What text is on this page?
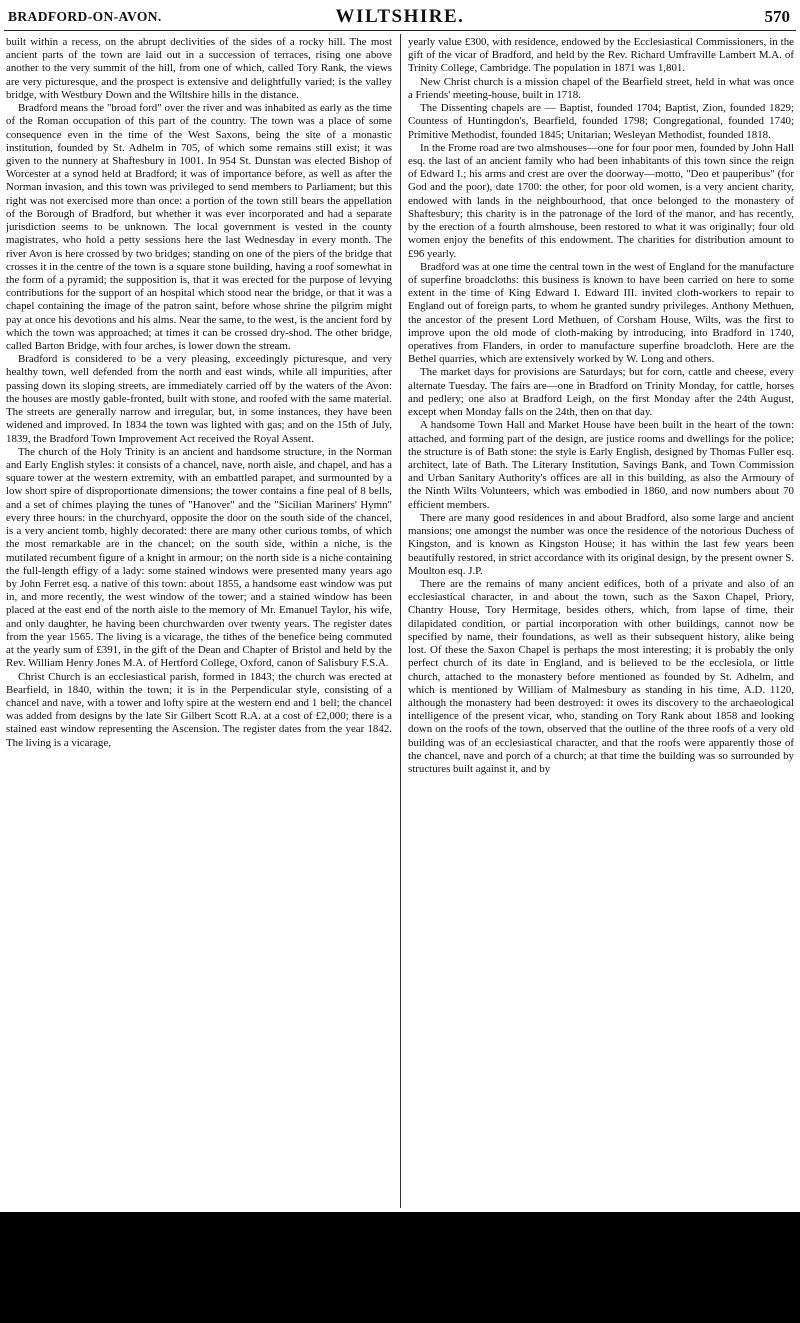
BRADFORD-ON-AVON.	WILTSHIRE.	570

built within a recess, on the abrupt declivities of the sides of a rocky hill. The most ancient parts of the town are laid out in a succession of terraces, rising one above another to the very summit of the hill, from one of which, called Tory Rank, the views are very picturesque, and the prospect is extensive and delightfully varied; is the valley bridge, with Westbury Down and the Wiltshire hills in the distance.

Bradford means the "broad ford" over the river and was inhabited as early as the time of the Roman occupation of this part of the country. The town was a place of some consequence even in the time of the West Saxons, being the site of a monastic institution, founded by St. Adhelm in 705, of which some remains still exist; it was given to the nunnery at Shaftesbury in 1001. In 954 St. Dunstan was elected Bishop of Worcester at a synod held at Bradford; it was of importance before, as well as after the Norman invasion, and this town was privileged to send members to Parliament; but this right was not exercised more than once: a portion of the town still bears the appellation of the Borough of Bradford, but whether it was ever incorporated and had a separate jurisdiction seems to be unknown. The local government is vested in the county magistrates, who hold a petty sessions here the last Wednesday in every month. The river Avon is here crossed by two bridges; standing on one of the piers of the bridge that crosses it in the centre of the town is a square stone building, having a roof somewhat in the form of a pyramid; the supposition is, that it was erected for the purpose of levying contributions for the support of an hospital which stood near the bridge, or that it was a chapel containing the image of the patron saint, before whose shrine the pilgrim might pay at once his devotions and his alms. Near the same, to the west, is the ancient ford by which the town was approached; at times it can be crossed dry-shod. The other bridge, called Barton Bridge, with four arches, is lower down the stream.

Bradford is considered to be a very pleasing, exceedingly picturesque, and very healthy town, well defended from the north and east winds, while all impurities, after passing down its sloping streets, are immediately carried off by the waters of the Avon: the houses are mostly gable-fronted, built with stone, and roofed with the same material. The streets are generally narrow and irregular, but, in some instances, they have been widened and improved. In 1834 the town was lighted with gas; and on the 15th of July, 1839, the Bradford Town Improvement Act received the Royal Assent.

The church of the Holy Trinity is an ancient and handsome structure, in the Norman and Early English styles: it consists of a chancel, nave, north aisle, and chapel, and has a square tower at the western extremity, with an embattled parapet, and surmounted by a low short spire of disproportionate dimensions; the tower contains a fine peal of 8 bells, and a set of chimes playing the tunes of "Hanover" and the "Sicilian Mariners' Hymn" every three hours: in the churchyard, opposite the door on the south side of the chancel, is a very ancient tomb, highly decorated: there are many other curious tombs, of which the most remarkable are in the chancel; on the south side, within a niche, is the mutilated recumbent figure of a knight in armour; on the north side is a niche containing the full-length effigy of a lady: some stained windows were presented many years ago by John Ferret esq. a native of this town: about 1855, a handsome east window was put in, and more recently, the west window of the tower; and a stained window has been placed at the east end of the north aisle to the memory of Mr. Emanuel Taylor, his wife, and only daughter, he having been churchwarden over twenty years. The register dates from the year 1565. The living is a vicarage, the tithes of the benefice being commuted at the yearly sum of £391, in the gift of the Dean and Chapter of Bristol and held by the Rev. William Henry Jones M.A. of Hertford College, Oxford, canon of Salisbury F.S.A.

Christ Church is an ecclesiastical parish, formed in 1843; the church was erected at Bearfield, in 1840, within the town; it is in the Perpendicular style, consisting of a chancel and nave, with a tower and lofty spire at the western end and 1 bell; the chancel was added from designs by the late Sir Gilbert Scott R.A. at a cost of £2,000; there is a stained east window representing the Ascension. The register dates from the year 1842. The living is a vicarage,

yearly value £300, with residence, endowed by the Ecclesiastical Commissioners, in the gift of the vicar of Bradford, and held by the Rev. Richard Umfraville Lambert M.A. of Trinity College, Cambridge. The population in 1871 was 1,801.

New Christ church is a mission chapel of the Bearfield street, held in what was once a Friends' meeting-house, built in 1718.

The Dissenting chapels are — Baptist, founded 1704; Baptist, Zion, founded 1829; Countess of Huntingdon's, Bearfield, founded 1798; Congregational, founded 1740; Primitive Methodist, founded 1845; Unitarian; Wesleyan Methodist, founded 1818.

In the Frome road are two almshouses—one for four poor men, founded by John Hall esq. the last of an ancient family who had been inhabitants of this town since the reign of Edward I.; his arms and crest are over the doorway—motto, "Deo et pauperibus" (for God and the poor), date 1700: the other, for poor old women, is a very ancient charity, endowed with lands in the neighbourhood, that once belonged to the monastery of Shaftesbury; this charity is in the patronage of the lord of the manor, and has recently, by the erection of a fourth almshouse, been restored to what it was originally; four old women enjoy the benefits of this endowment. The charities for distribution amount to £96 yearly.

Bradford was at one time the central town in the west of England for the manufacture of superfine broadcloths: this business is known to have been carried on here to some extent in the time of King Edward I. Edward III. invited cloth-workers to repair to England out of foreign parts, to whom he granted sundry privileges. Anthony Methuen, the ancestor of the present Lord Methuen, of Corsham House, Wilts, was the first to improve upon the old mode of cloth-making by introducing, into Bradford in 1740, operatives from Flanders, in order to manufacture superfine broadcloth. Here are the Bethel quarries, which are extensively worked by W. Long and others.

The market days for provisions are Saturdays; but for corn, cattle and cheese, every alternate Tuesday. The fairs are—one in Bradford on Trinity Monday, for cattle, horses and pedlery; one also at Bradford Leigh, on the first Monday after the 24th August, except when Monday falls on the 24th, then on that day.

A handsome Town Hall and Market House have been built in the heart of the town: attached, and forming part of the design, are justice rooms and dwellings for the police; the structure is of Bath stone: the style is Early English, designed by Thomas Fuller esq. architect, late of Bath. The Literary Institution, Savings Bank, and Town Commission and Urban Sanitary Authority's offices are all in this building, as also the Armoury of the Ninth Wilts Volunteers, which was embodied in 1860, and now numbers about 70 efficient members.

There are many good residences in and about Bradford, also some large and ancient mansions; one amongst the number was once the residence of the notorious Duchess of Kingston, and is known as Kingston House; it has within the last few years been beautifully restored, in strict accordance with its original design, by the present owner S. Moulton esq. J.P.

There are the remains of many ancient edifices, both of a private and also of an ecclesiastical character, in and about the town, such as the Saxon Chapel, Priory, Chantry House, Tory Hermitage, besides others, which, from lapse of time, their dilapidated condition, or partial incorporation with other buildings, cannot now be specified by name, their foundations, as well as their subsequent history, alike being lost. Of these the Saxon Chapel is perhaps the most interesting; it is probably the only perfect church of its date in England, and is believed to be the ecclesiola, or little church, attached to the monastery before mentioned as founded by St. Adhelm, and which is mentioned by William of Malmesbury as standing in his time, A.D. 1120, although the monastery had been destroyed: it owes its discovery to the archaeological intelligence of the present vicar, who, standing on Tory Rank about 1858 and looking down on the roofs of the town, observed that the outline of the three roofs of a very old building was of an ecclesiastical character, and that the roofs were apparently those of the chancel, nave and porch of a church; at that time the building was so surrounded by structures built against it, and by
